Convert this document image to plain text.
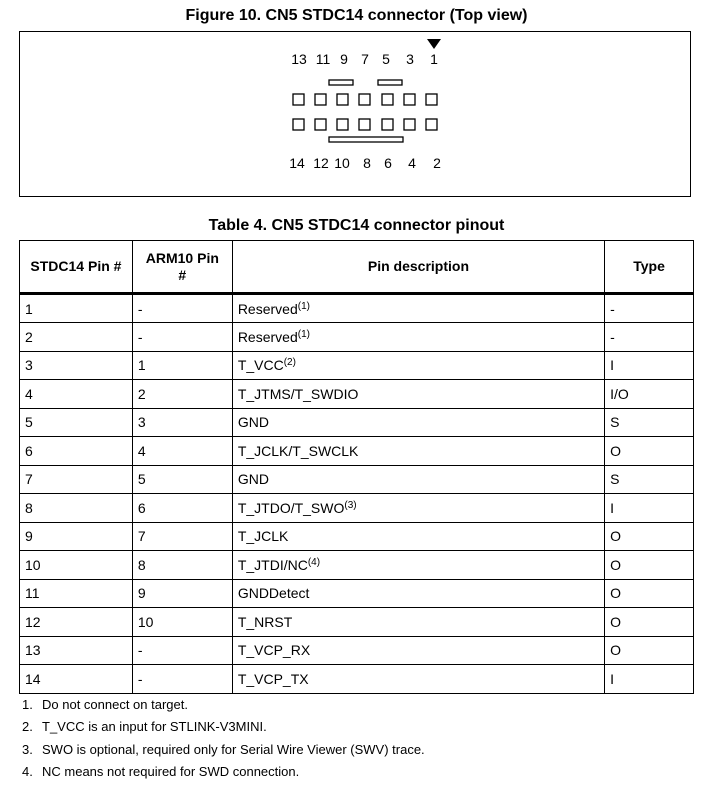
Figure 10. CN5 STDC14 connector (Top view)
13 11 9 7 5 3 1
14 12 10 8 6 4 2
Table 4. CN5 STDC14 connector pinout
STDC14 Pin #	ARM10 Pin #	Pin description	Type
1	-	Reserved$^{(1)}$	-
2	-	Reserved$^{(1)}$	-
3	1	T_VCC$^{(2)}$	I
4	2	T_JTMS/T_SWDIO	I/O
5	3	GND	S
6	4	T_JCLK/T_SWCLK	O
7	5	GND	S
8	6	T_JTDO/T_SWO$^{(3)}$	I
9	7	T_JCLK	O
10	8	T_JTDI/NC$^{(4)}$	O
11	9	GNDDetect	O
12	10	T_NRST	O
13	-	T_VCP_RX	O
14	-	T_VCP_TX	I
1. Do not connect on target.
2. T_VCC is an input for STLINK-V3MINI.
3. SWO is optional, required only for Serial Wire Viewer (SWV) trace.
4. NC means not required for SWD connection.
